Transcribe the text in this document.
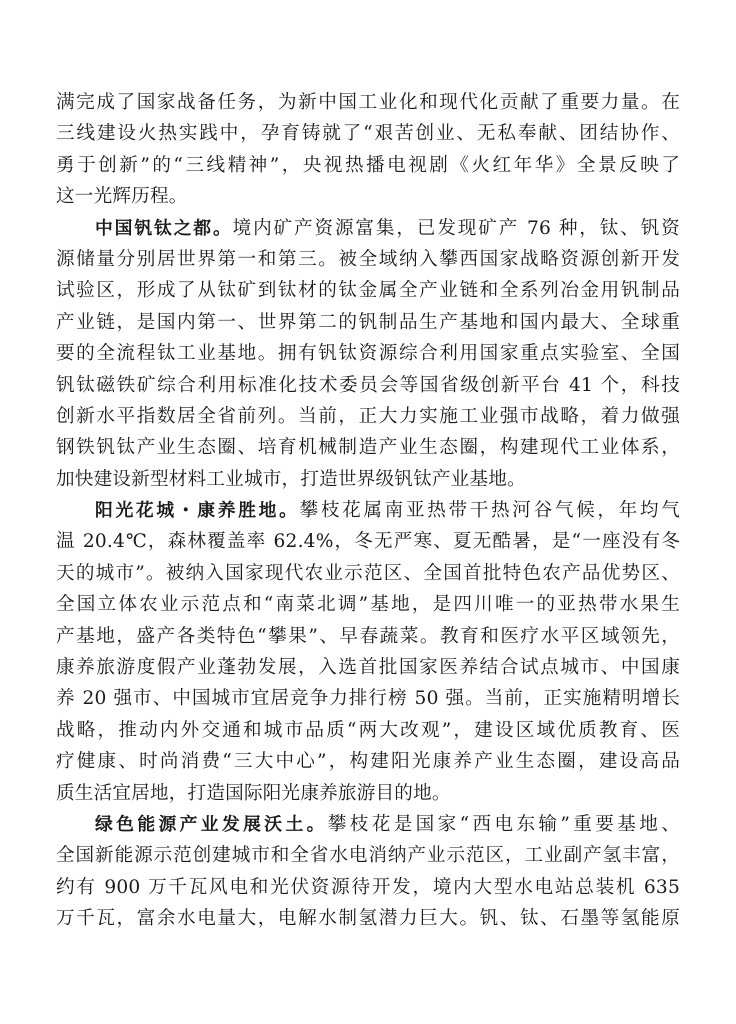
满完成了国家战备任务，为新中国工业化和现代化贡献了重要力量。在
三线建设火热实践中，孕育铸就了“艰苦创业、无私奉献、团结协作、
勇于创新”的“三线精神”，央视热播电视剧《火红年华》全景反映了
这一光辉历程。
中国钒钛之都。境内矿产资源富集，已发现矿产 76 种，钛、钒资
源储量分别居世界第一和第三。被全域纳入攀西国家战略资源创新开发
试验区，形成了从钛矿到钛材的钛金属全产业链和全系列冶金用钒制品
产业链，是国内第一、世界第二的钒制品生产基地和国内最大、全球重
要的全流程钛工业基地。拥有钒钛资源综合利用国家重点实验室、全国
钒钛磁铁矿综合利用标准化技术委员会等国省级创新平台 41 个，科技
创新水平指数居全省前列。当前，正大力实施工业强市战略，着力做强
钢铁钒钛产业生态圈、培育机械制造产业生态圈，构建现代工业体系，
加快建设新型材料工业城市，打造世界级钒钛产业基地。
阳光花城・康养胜地。攀枝花属南亚热带干热河谷气候，年均气
温 20.4℃，森林覆盖率 62.4%，冬无严寒、夏无酷暑，是“一座没有冬
天的城市”。被纳入国家现代农业示范区、全国首批特色农产品优势区、
全国立体农业示范点和“南菜北调”基地，是四川唯一的亚热带水果生
产基地，盛产各类特色“攀果”、早春蔬菜。教育和医疗水平区域领先，
康养旅游度假产业蓬勃发展，入选首批国家医养结合试点城市、中国康
养 20 强市、中国城市宜居竞争力排行榜 50 强。当前，正实施精明增长
战略，推动内外交通和城市品质“两大改观”，建设区域优质教育、医
疗健康、时尚消费“三大中心”，构建阳光康养产业生态圈，建设高品
质生活宜居地，打造国际阳光康养旅游目的地。
绿色能源产业发展沃土。攀枝花是国家“西电东输”重要基地、
全国新能源示范创建城市和全省水电消纳产业示范区，工业副产氢丰富，
约有 900 万千瓦风电和光伏资源待开发，境内大型水电站总装机 635
万千瓦，富余水电量大，电解水制氢潜力巨大。钒、钛、石墨等氢能原
